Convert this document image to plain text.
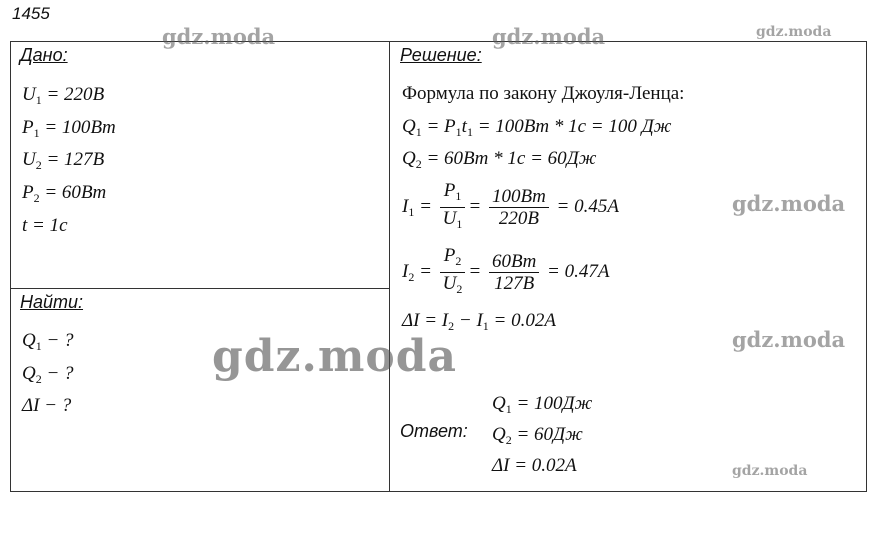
1455
Дано:
$U_1 = 220B$
$P_1 = 100Bm$
$U_2 = 127B$
$P_2 = 60Bm$
t = 1c
Найти:
$Q_1$ − ?
$Q_2$ − ?
ΔI − ?
Решение:
Формула по закону Джоуля-Ленца:
$Q_1 = P_1t_1 = 100Bm * 1c = 100$ Дж
$Q_2 = 60Bm * 1c = 60Дж$
$I_1 = \frac{P_1}{U_1} = \frac{100Bm}{220B} = 0.45A$
$I_2 = \frac{P_2}{U_2} = \frac{60Bm}{127B} = 0.47A$
$\Delta I = I_2 - I_1 = 0.02A$
Ответ:
$Q_1 = 100Дж$
$Q_2 = 60Дж$
ΔI = 0.02A
gdz.moda	gdz.moda	gdz.moda
gdz.moda
gdz.moda
gdz.moda
gdz.moda
